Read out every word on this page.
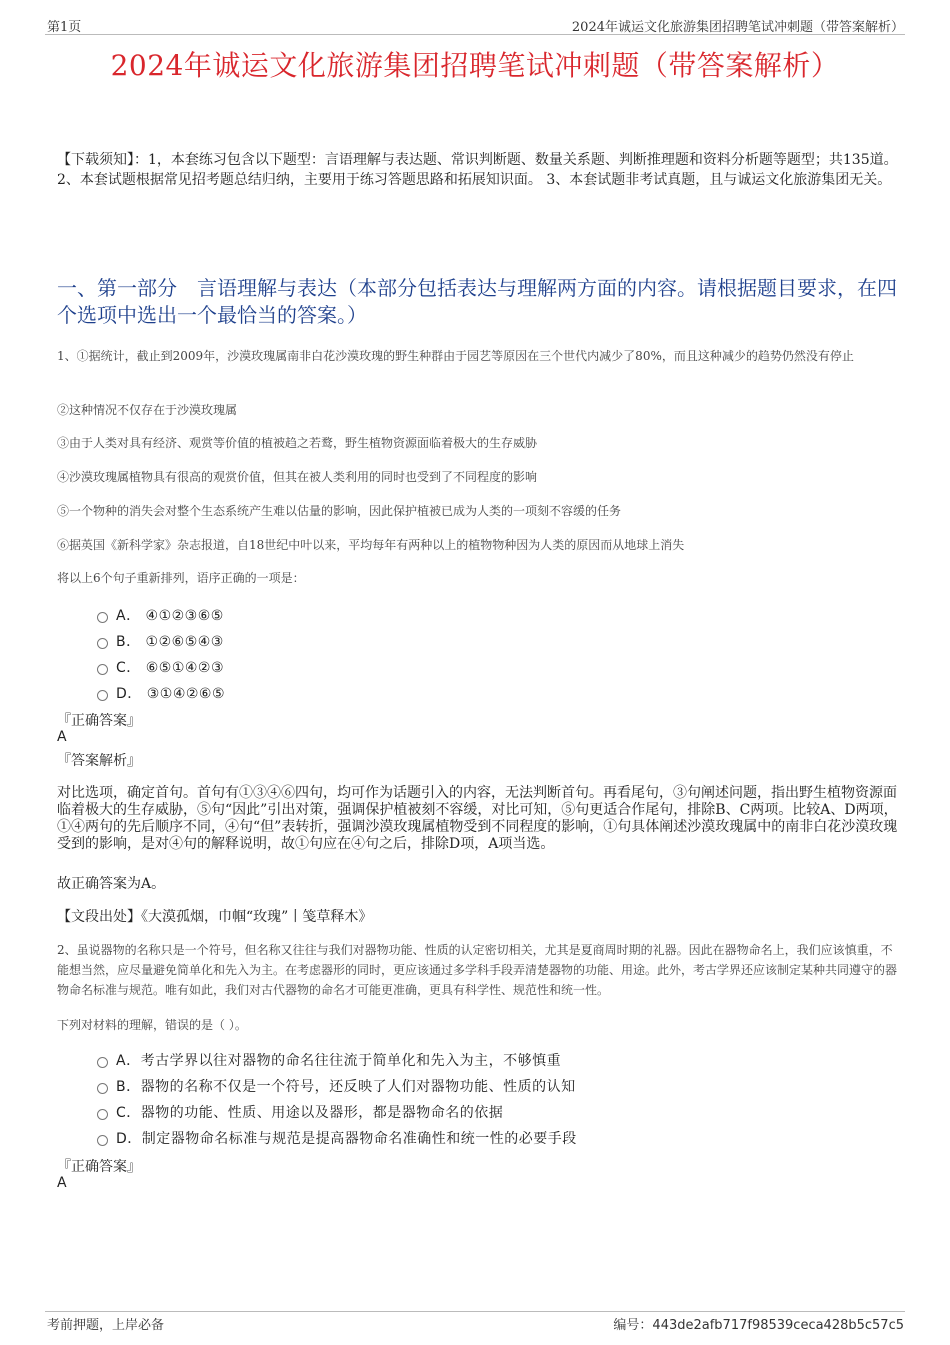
第1页	2024年诚运文化旅游集团招聘笔试冲刺题（带答案解析）
2024年诚运文化旅游集团招聘笔试冲刺题（带答案解析）
【下载须知】：1，本套练习包含以下题型：言语理解与表达题、常识判断题、数量关系题、判断推理题和资料分析题等题型；共135道。 2、本套试题根据常见招考题总结归纳，主要用于练习答题思路和拓展知识面。 3、本套试题非考试真题，且与诚运文化旅游集团无关。
一、第一部分　言语理解与表达（本部分包括表达与理解两方面的内容。请根据题目要求，在四个选项中选出一个最恰当的答案。）
1、①据统计，截止到2009年，沙漠玫瑰属南非白花沙漠玫瑰的野生种群由于园艺等原因在三个世代内减少了80%，而且这种减少的趋势仍然没有停止
②这种情况不仅存在于沙漠玫瑰属
③由于人类对具有经济、观赏等价值的植被趋之若鹜，野生植物资源面临着极大的生存威胁
④沙漠玫瑰属植物具有很高的观赏价值，但其在被人类利用的同时也受到了不同程度的影响
⑤一个物种的消失会对整个生态系统产生难以估量的影响，因此保护植被已成为人类的一项刻不容缓的任务
⑥据英国《新科学家》杂志报道，自18世纪中叶以来，平均每年有两种以上的植物物种因为人类的原因而从地球上消失
将以上6个句子重新排列，语序正确的一项是：
A． ④①②③⑥⑤
B． ①②⑥⑤④③
C． ⑥⑤①④②③
D． ③①④②⑥⑤
『正确答案』
A
『答案解析』
对比选项，确定首句。首句有①③④⑥四句，均可作为话题引入的内容，无法判断首句。再看尾句，③句阐述问题，指出野生植物资源面临着极大的生存威胁，⑤句“因此”引出对策，强调保护植被刻不容缓，对比可知，⑤句更适合作尾句，排除B、C两项。比较A、D两项，①④两句的先后顺序不同，④句“但”表转折，强调沙漠玫瑰属植物受到不同程度的影响，①句具体阐述沙漠玫瑰属中的南非白花沙漠玫瑰受到的影响，是对④句的解释说明，故①句应在④句之后，排除D项，A项当选。
故正确答案为A。
【文段出处】《大漠孤烟，巾帼“玫瑰”丨笺草释木》
2、虽说器物的名称只是一个符号，但名称又往往与我们对器物功能、性质的认定密切相关，尤其是夏商周时期的礼器。因此在器物命名上，我们应该慎重，不能想当然，应尽量避免简单化和先入为主。在考虑器形的同时，更应该通过多学科手段弄清楚器物的功能、用途。此外，考古学界还应该制定某种共同遵守的器物命名标准与规范。唯有如此，我们对古代器物的命名才可能更准确，更具有科学性、规范性和统一性。
下列对材料的理解，错误的是（ ）。
A．考古学界以往对器物的命名往往流于简单化和先入为主，不够慎重
B．器物的名称不仅是一个符号，还反映了人们对器物功能、性质的认知
C．器物的功能、性质、用途以及器形，都是器物命名的依据
D．制定器物命名标准与规范是提高器物命名准确性和统一性的必要手段
『正确答案』
A
考前押题，上岸必备	编号：443de2afb717f98539ceca428b5c57c5
